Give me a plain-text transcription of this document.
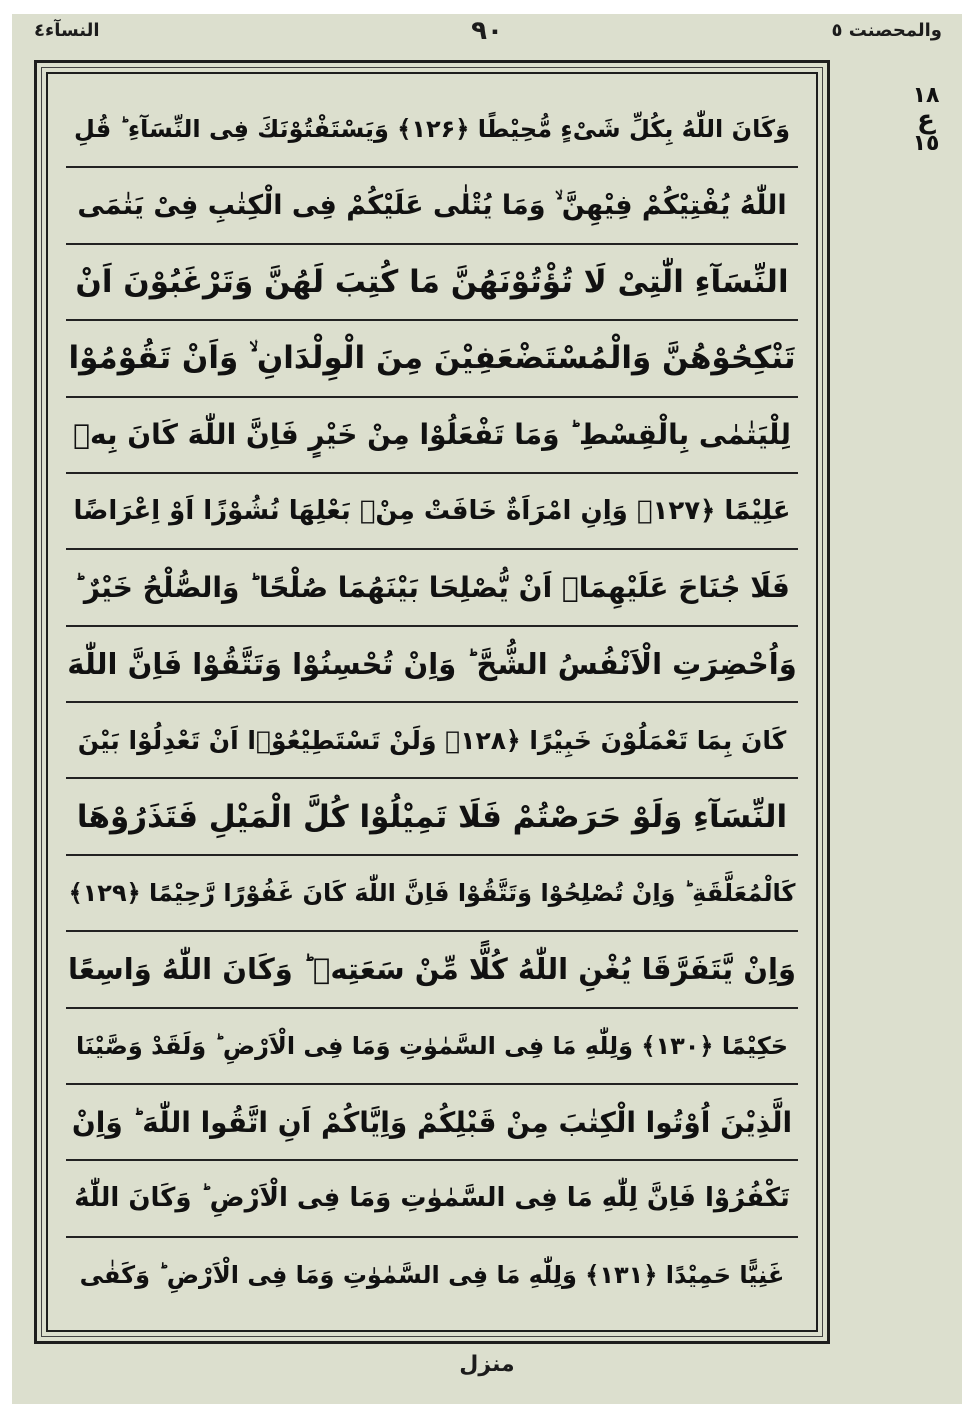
النسآء٤	٩٠	والمحصنت ٥
وَكَانَ اللّٰهُ بِكُلِّ شَیْءٍ مُّحِیْطًا ﴿۱۲۶﴾ وَیَسْتَفْتُوْنَكَ فِی النِّسَآءِ ؕ قُلِ
اللّٰهُ یُفْتِیْكُمْ فِیْهِنَّ ۙ وَمَا یُتْلٰی عَلَیْكُمْ فِی الْكِتٰبِ فِیْ یَتٰمَی
النِّسَآءِ الّٰتِیْ لَا تُؤْتُوْنَهُنَّ مَا كُتِبَ لَهُنَّ وَتَرْغَبُوْنَ اَنْ
تَنْكِحُوْهُنَّ وَالْمُسْتَضْعَفِیْنَ مِنَ الْوِلْدَانِ ۙ وَاَنْ تَقُوْمُوْا
لِلْیَتٰمٰی بِالْقِسْطِ ؕ وَمَا تَفْعَلُوْا مِنْ خَیْرٍ فَاِنَّ اللّٰهَ كَانَ بِهٖ
عَلِیْمًا ﴿۱۲۷﴾ وَاِنِ امْرَاَةٌ خَافَتْ مِنْۢ بَعْلِهَا نُشُوْزًا اَوْ اِعْرَاضًا
فَلَا جُنَاحَ عَلَیْهِمَاۤ اَنْ یُّصْلِحَا بَیْنَهُمَا صُلْحًا ؕ وَالصُّلْحُ خَیْرٌ ؕ
وَاُحْضِرَتِ الْاَنْفُسُ الشُّحَّ ؕ وَاِنْ تُحْسِنُوْا وَتَتَّقُوْا فَاِنَّ اللّٰهَ
كَانَ بِمَا تَعْمَلُوْنَ خَبِیْرًا ﴿۱۲۸﴾ وَلَنْ تَسْتَطِیْعُوْۤا اَنْ تَعْدِلُوْا بَیْنَ
النِّسَآءِ وَلَوْ حَرَصْتُمْ فَلَا تَمِیْلُوْا كُلَّ الْمَیْلِ فَتَذَرُوْهَا
كَالْمُعَلَّقَةِ ؕ وَاِنْ تُصْلِحُوْا وَتَتَّقُوْا فَاِنَّ اللّٰهَ كَانَ غَفُوْرًا رَّحِیْمًا ﴿۱۲۹﴾
وَاِنْ یَّتَفَرَّقَا یُغْنِ اللّٰهُ كُلًّا مِّنْ سَعَتِهٖ ؕ وَكَانَ اللّٰهُ وَاسِعًا
حَكِیْمًا ﴿۱۳۰﴾ وَلِلّٰهِ مَا فِی السَّمٰوٰتِ وَمَا فِی الْاَرْضِ ؕ وَلَقَدْ وَصَّیْنَا
الَّذِیْنَ اُوْتُوا الْكِتٰبَ مِنْ قَبْلِكُمْ وَاِیَّاكُمْ اَنِ اتَّقُوا اللّٰهَ ؕ وَاِنْ
تَكْفُرُوْا فَاِنَّ لِلّٰهِ مَا فِی السَّمٰوٰتِ وَمَا فِی الْاَرْضِ ؕ وَكَانَ اللّٰهُ
غَنِیًّا حَمِیْدًا ﴿۱۳۱﴾ وَلِلّٰهِ مَا فِی السَّمٰوٰتِ وَمَا فِی الْاَرْضِ ؕ وَكَفٰی
١٨
ع
١٥
منزل
